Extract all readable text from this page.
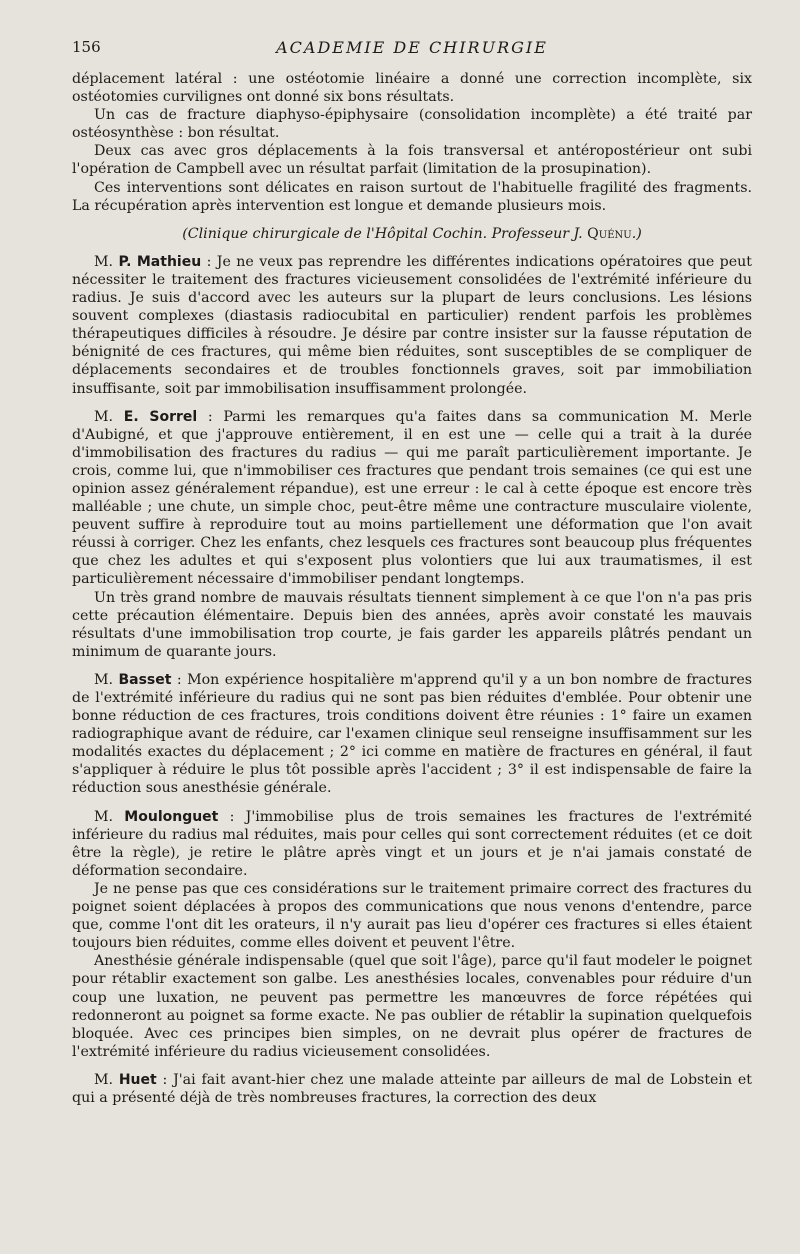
156	ACADEMIE DE CHIRURGIE

déplacement latéral : une ostéotomie linéaire a donné une correction incomplète, six ostéotomies curvilignes ont donné six bons résultats.

Un cas de fracture diaphyso-épiphysaire (consolidation incomplète) a été traité par ostéosynthèse : bon résultat.

Deux cas avec gros déplacements à la fois transversal et antéropostérieur ont subi l'opération de Campbell avec un résultat parfait (limitation de la prosupination).

Ces interventions sont délicates en raison surtout de l'habituelle fragilité des fragments. La récupération après intervention est longue et demande plusieurs mois.

(Clinique chirurgicale de l'Hôpital Cochin. Professeur J. Quénu.)

M. P. Mathieu : Je ne veux pas reprendre les différentes indications opératoires que peut nécessiter le traitement des fractures vicieusement consolidées de l'extrémité inférieure du radius. Je suis d'accord avec les auteurs sur la plupart de leurs conclusions. Les lésions souvent complexes (diastasis radiocubital en particulier) rendent parfois les problèmes thérapeutiques difficiles à résoudre. Je désire par contre insister sur la fausse réputation de bénignité de ces fractures, qui même bien réduites, sont susceptibles de se compliquer de déplacements secondaires et de troubles fonctionnels graves, soit par immobiliation insuffisante, soit par immobilisation insuffisamment prolongée.

M. E. Sorrel : Parmi les remarques qu'a faites dans sa communication M. Merle d'Aubigné, et que j'approuve entièrement, il en est une — celle qui a trait à la durée d'immobilisation des fractures du radius — qui me paraît particulièrement importante. Je crois, comme lui, que n'immobiliser ces fractures que pendant trois semaines (ce qui est une opinion assez généralement répandue), est une erreur : le cal à cette époque est encore très malléable ; une chute, un simple choc, peut-être même une contracture musculaire violente, peuvent suffire à reproduire tout au moins partiellement une déformation que l'on avait réussi à corriger. Chez les enfants, chez lesquels ces fractures sont beaucoup plus fréquentes que chez les adultes et qui s'exposent plus volontiers que lui aux traumatismes, il est particulièrement nécessaire d'immobiliser pendant longtemps.

Un très grand nombre de mauvais résultats tiennent simplement à ce que l'on n'a pas pris cette précaution élémentaire. Depuis bien des années, après avoir constaté les mauvais résultats d'une immobilisation trop courte, je fais garder les appareils plâtrés pendant un minimum de quarante jours.

M. Basset : Mon expérience hospitalière m'apprend qu'il y a un bon nombre de fractures de l'extrémité inférieure du radius qui ne sont pas bien réduites d'emblée. Pour obtenir une bonne réduction de ces fractures, trois conditions doivent être réunies : 1° faire un examen radiographique avant de réduire, car l'examen clinique seul renseigne insuffisamment sur les modalités exactes du déplacement ; 2° ici comme en matière de fractures en général, il faut s'appliquer à réduire le plus tôt possible après l'accident ; 3° il est indispensable de faire la réduction sous anesthésie générale.

M. Moulonguet : J'immobilise plus de trois semaines les fractures de l'extrémité inférieure du radius mal réduites, mais pour celles qui sont correctement réduites (et ce doit être la règle), je retire le plâtre après vingt et un jours et je n'ai jamais constaté de déformation secondaire.

Je ne pense pas que ces considérations sur le traitement primaire correct des fractures du poignet soient déplacées à propos des communications que nous venons d'entendre, parce que, comme l'ont dit les orateurs, il n'y aurait pas lieu d'opérer ces fractures si elles étaient toujours bien réduites, comme elles doivent et peuvent l'être.

Anesthésie générale indispensable (quel que soit l'âge), parce qu'il faut modeler le poignet pour rétablir exactement son galbe. Les anesthésies locales, convenables pour réduire d'un coup une luxation, ne peuvent pas permettre les manœuvres de force répétées qui redonneront au poignet sa forme exacte. Ne pas oublier de rétablir la supination quelquefois bloquée. Avec ces principes bien simples, on ne devrait plus opérer de fractures de l'extrémité inférieure du radius vicieusement consolidées.

M. Huet : J'ai fait avant-hier chez une malade atteinte par ailleurs de mal de Lobstein et qui a présenté déjà de très nombreuses fractures, la correction des deux
